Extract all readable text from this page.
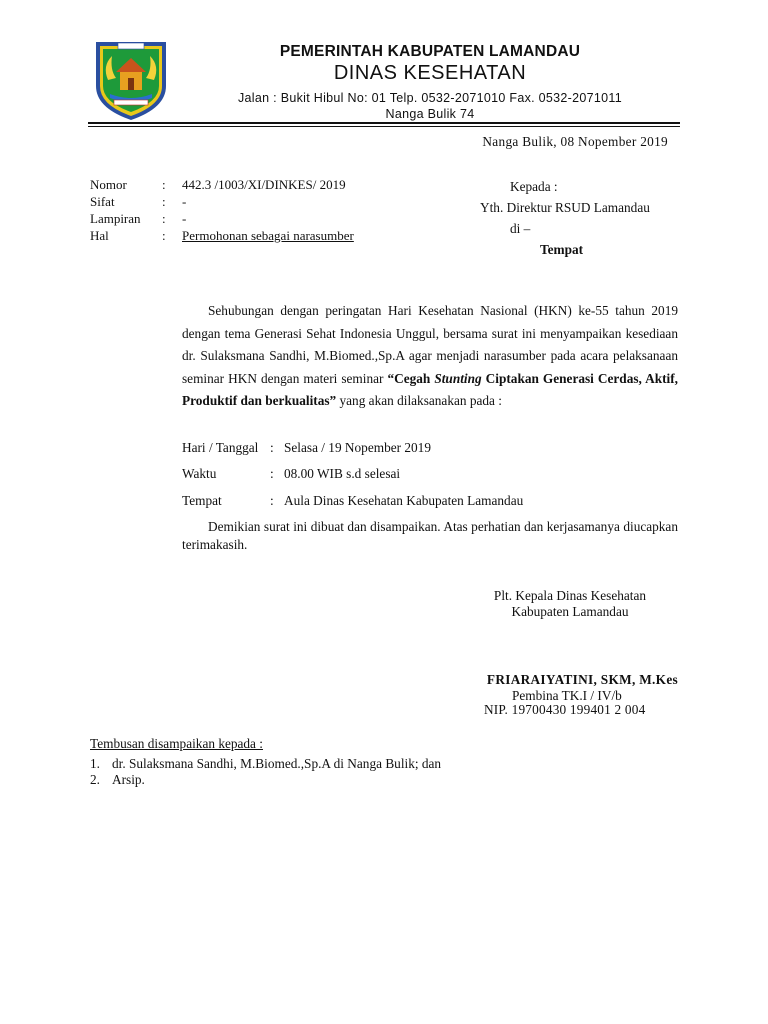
PEMERINTAH KABUPATEN LAMANDAU
DINAS KESEHATAN
Jalan : Bukit Hibul No: 01 Telp. 0532-2071010 Fax. 0532-2071011
Nanga Bulik 74
Nanga Bulik, 08 Nopember 2019
Nomor	:	442.3 /1003/XI/DINKES/ 2019
Sifat	:	-
Lampiran	:	-
Hal	:	Permohonan sebagai narasumber
Kepada :
Yth. Direktur RSUD Lamandau
di –
Tempat
Sehubungan dengan peringatan Hari Kesehatan Nasional (HKN) ke-55 tahun 2019 dengan tema Generasi Sehat Indonesia Unggul, bersama surat ini menyampaikan kesediaan dr. Sulaksmana Sandhi, M.Biomed.,Sp.A agar menjadi narasumber pada acara pelaksanaan seminar HKN dengan materi seminar “Cegah Stunting Ciptakan Generasi Cerdas, Aktif, Produktif dan berkualitas” yang akan dilaksanakan pada :
Hari / Tanggal : Selasa / 19 Nopember 2019
Waktu	: 08.00 WIB s.d selesai
Tempat	: Aula Dinas Kesehatan Kabupaten Lamandau
Demikian surat ini dibuat dan disampaikan. Atas perhatian dan kerjasamanya diucapkan terimakasih.
Plt. Kepala Dinas Kesehatan
Kabupaten Lamandau
FRIARAIYATINI, SKM, M.Kes
Pembina TK.I / IV/b
NIP. 19700430 199401 2 004
Tembusan disampaikan kepada :
1. dr. Sulaksmana Sandhi, M.Biomed.,Sp.A di Nanga Bulik; dan
2. Arsip.
